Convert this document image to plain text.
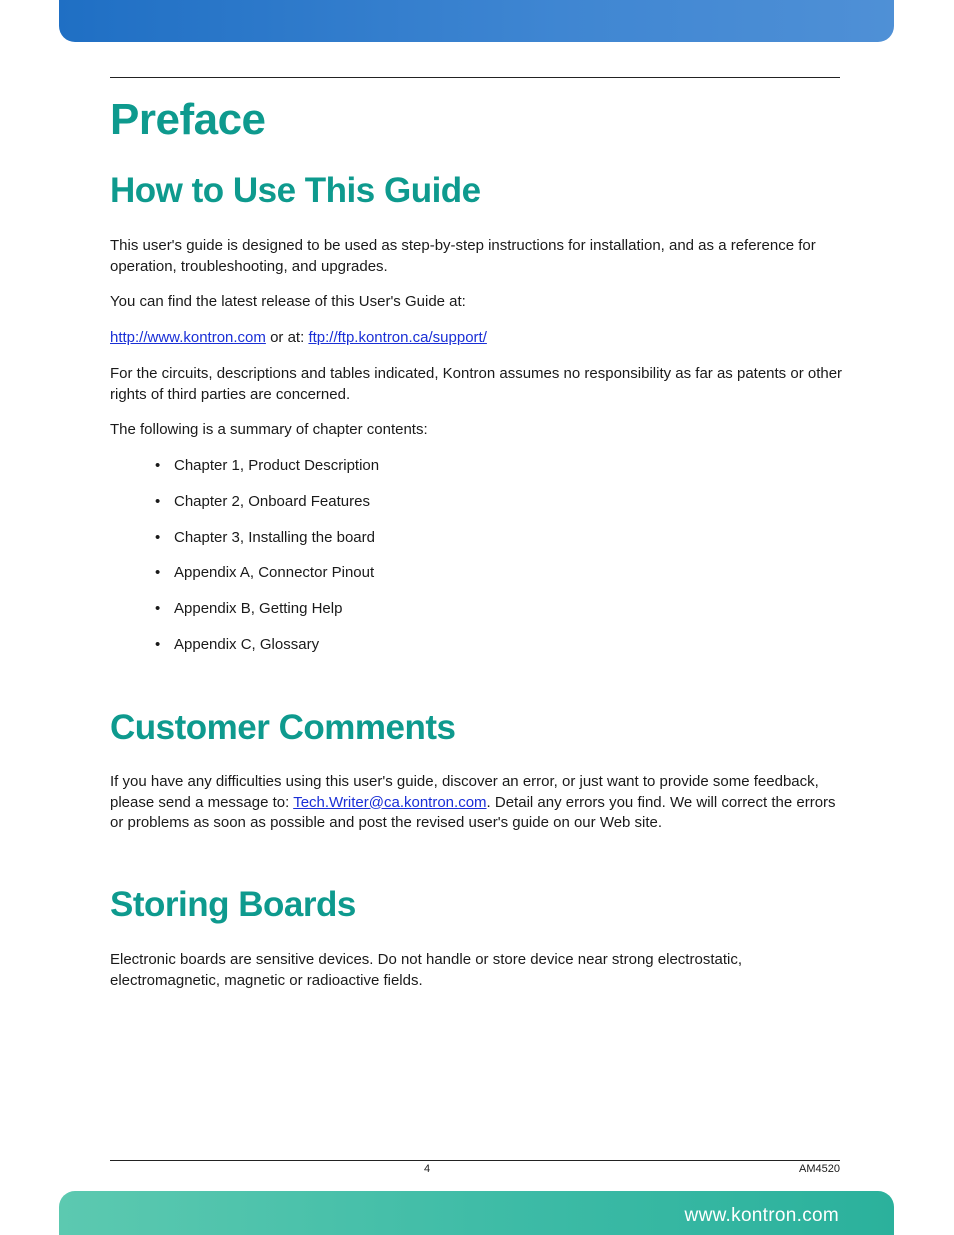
Preface
How to Use This Guide

This user's guide is designed to be used as step-by-step instructions for installation, and as a reference for operation, troubleshooting, and upgrades.

You can find the latest release of this User's Guide at:

http://www.kontron.com or at: ftp://ftp.kontron.ca/support/

For the circuits, descriptions and tables indicated, Kontron assumes no responsibility as far as patents or other rights of third parties are concerned.

The following is a summary of chapter contents:

• Chapter 1, Product Description
• Chapter 2, Onboard Features
• Chapter 3, Installing the board
• Appendix A, Connector Pinout
• Appendix B, Getting Help
• Appendix C, Glossary
Customer Comments

If you have any difficulties using this user's guide, discover an error, or just want to provide some feedback, please send a message to: Tech.Writer@ca.kontron.com. Detail any errors you find. We will correct the errors or problems as soon as possible and post the revised user's guide on our Web site.

Storing Boards

Electronic boards are sensitive devices. Do not handle or store device near strong electrostatic, electromagnetic, magnetic or radioactive fields.

4	AM4520
www.kontron.com
